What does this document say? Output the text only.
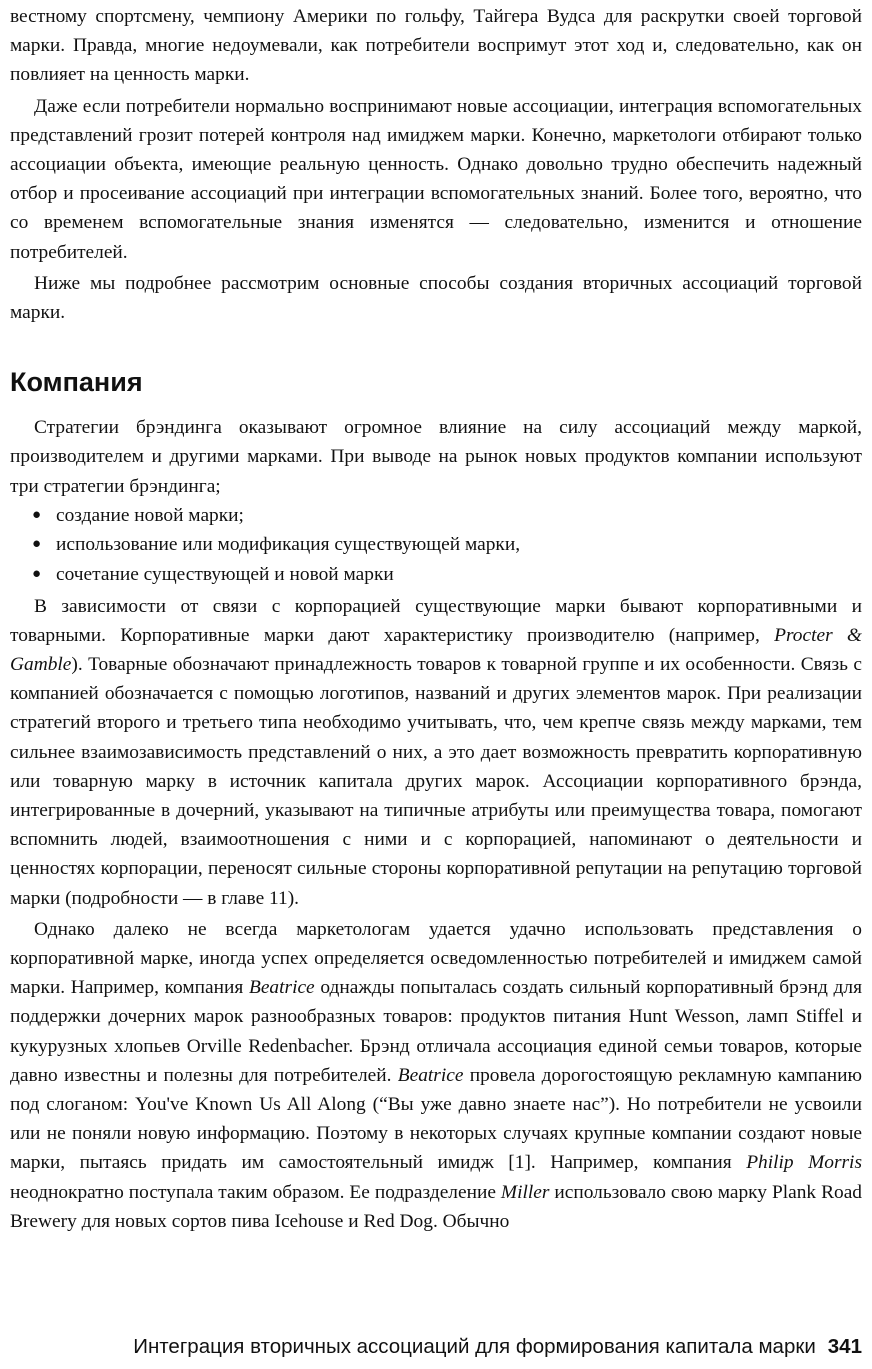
вестному спортсмену, чемпиону Америки по гольфу, Тайгера Вудса для раскрутки своей торговой марки. Правда, многие недоумевали, как потребители воспримут этот ход и, следовательно, как он повлияет на ценность марки.

Даже если потребители нормально воспринимают новые ассоциации, интеграция вспомогательных представлений грозит потерей контроля над имиджем марки. Конечно, маркетологи отбирают только ассоциации объекта, имеющие реальную ценность. Однако довольно трудно обеспечить надежный отбор и просеивание ассоциаций при интеграции вспомогательных знаний. Более того, вероятно, что со временем вспомогательные знания изменятся — следовательно, изменится и отношение потребителей.

Ниже мы подробнее рассмотрим основные способы создания вторичных ассоциаций торговой марки.

Компания

Стратегии брэндинга оказывают огромное влияние на силу ассоциаций между маркой, производителем и другими марками. При выводе на рынок новых продуктов компании используют три стратегии брэндинга;

● создание новой марки;
● использование или модификация существующей марки,
● сочетание существующей и новой марки

В зависимости от связи с корпорацией существующие марки бывают корпоративными и товарными. Корпоративные марки дают характеристику производителю (например, Procter & Gamble). Товарные обозначают принадлежность товаров к товарной группе и их особенности. Связь с компанией обозначается с помощью логотипов, названий и других элементов марок. При реализации стратегий второго и третьего типа необходимо учитывать, что, чем крепче связь между марками, тем сильнее взаимозависимость представлений о них, а это дает возможность превратить корпоративную или товарную марку в источник капитала других марок. Ассоциации корпоративного брэнда, интегрированные в дочерний, указывают на типичные атрибуты или преимущества товара, помогают вспомнить людей, взаимоотношения с ними и с корпорацией, напоминают о деятельности и ценностях корпорации, переносят сильные стороны корпоративной репутации на репутацию торговой марки (подробности — в главе 11).

Однако далеко не всегда маркетологам удается удачно использовать представления о корпоративной марке, иногда успех определяется осведомленностью потребителей и имиджем самой марки. Например, компания Beatrice однажды попыталась создать сильный корпоративный брэнд для поддержки дочерних марок разнообразных товаров: продуктов питания Hunt Wesson, ламп Stiffel и кукурузных хлопьев Orville Redenbacher. Брэнд отличала ассоциация единой семьи товаров, которые давно известны и полезны для потребителей. Beatrice провела дорогостоящую рекламную кампанию под слоганом: You've Known Us All Along (“Вы уже давно знаете нас”). Но потребители не усвоили или не поняли новую информацию. Поэтому в некоторых случаях крупные компании создают новые марки, пытаясь придать им самостоятельный имидж [1]. Например, компания Philip Morris неоднократно поступала таким образом. Ее подразделение Miller использовало свою марку Plank Road Brewery для новых сортов пива Icehouse и Red Dog. Обычно

Интеграция вторичных ассоциаций для формирования капитала марки 341
